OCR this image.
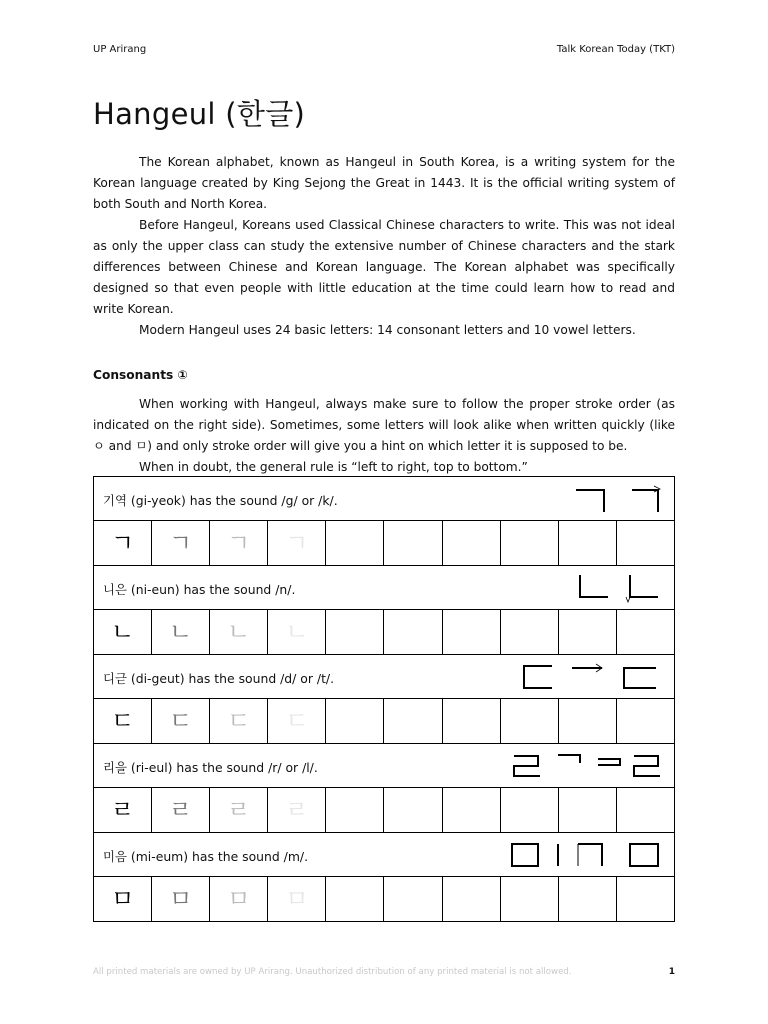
UP Arirang	Talk Korean Today (TKT)
Hangeul (한글)

The Korean alphabet, known as Hangeul in South Korea, is a writing system for the Korean language created by King Sejong the Great in 1443. It is the official writing system of both South and North Korea.

Before Hangeul, Koreans used Classical Chinese characters to write. This was not ideal as only the upper class can study the extensive number of Chinese characters and the stark differences between Chinese and Korean language. The Korean alphabet was specifically designed so that even people with little education at the time could learn how to read and write Korean.

Modern Hangeul uses 24 basic letters: 14 consonant letters and 10 vowel letters.

Consonants ①

When working with Hangeul, always make sure to follow the proper stroke order (as indicated on the right side). Sometimes, some letters will look alike when written quickly (like ㅇ and ㅁ) and only stroke order will give you a hint on which letter it is supposed to be.

When in doubt, the general rule is “left to right, top to bottom.”

기역 (gi-yeok) has the sound /g/ or /k/.									

ㄱ	ㄱ	ㄱ	ㄱ						

니은 (ni-eun) has the sound /n/.									

ㄴ	ㄴ	ㄴ	ㄴ						

디귿 (di-geut) has the sound /d/ or /t/.									

ㄷ	ㄷ	ㄷ	ㄷ						

리을 (ri-eul) has the sound /r/ or /l/.									

ㄹ	ㄹ	ㄹ	ㄹ						

미음 (mi-eum) has the sound /m/.									

ㅁ	ㅁ	ㅁ	ㅁ						
All printed materials are owned by UP Arirang. Unauthorized distribution of any printed material is not allowed.	1
